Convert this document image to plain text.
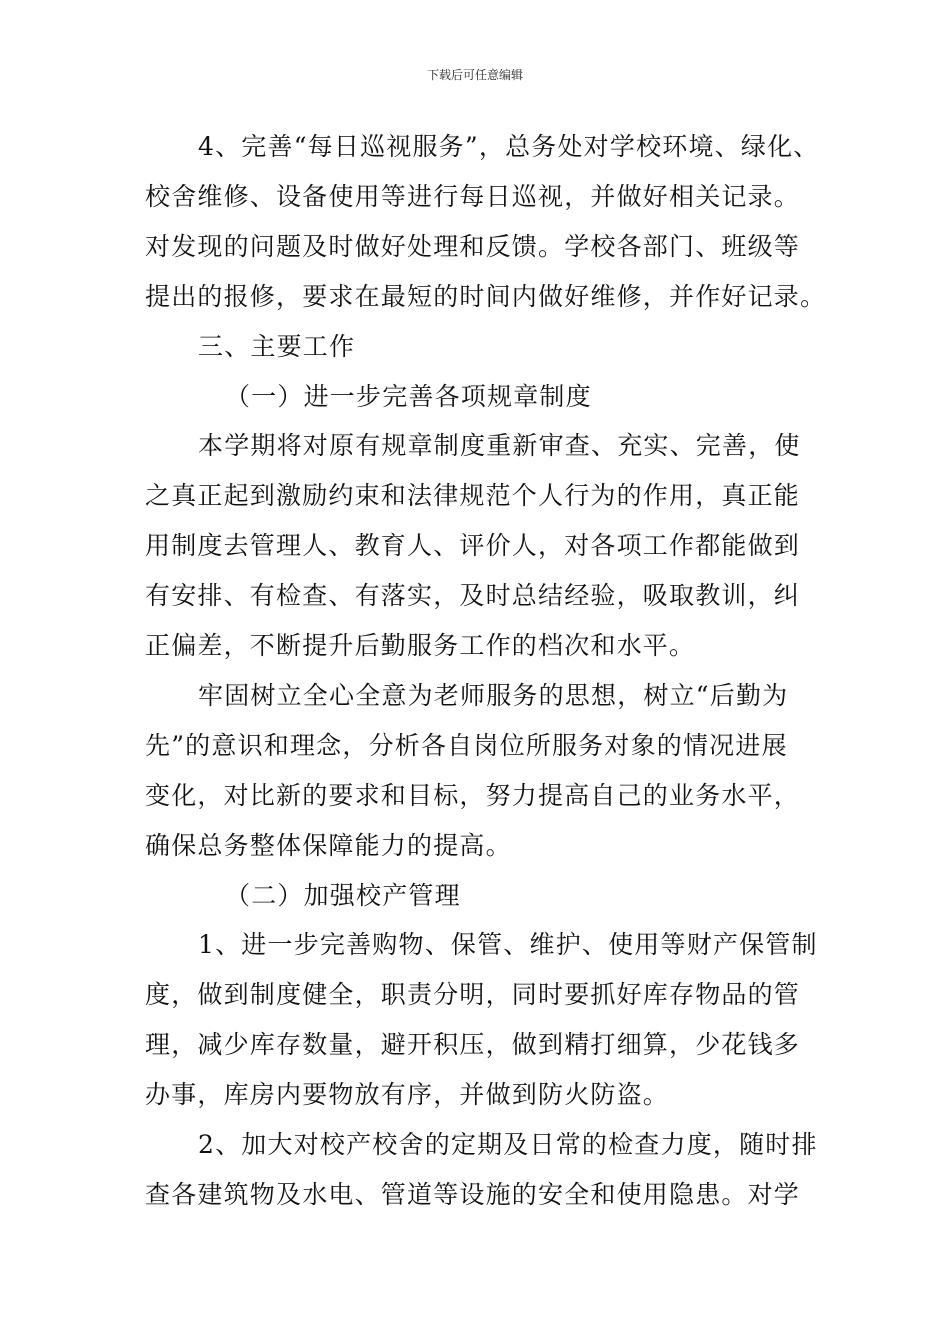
下载后可任意编辑
4、完善“每日巡视服务”，总务处对学校环境、绿化、
校舍维修、设备使用等进行每日巡视，并做好相关记录。
对发现的问题及时做好处理和反馈。学校各部门、班级等
提出的报修，要求在最短的时间内做好维修，并作好记录。
三、主要工作
（一）进一步完善各项规章制度
本学期将对原有规章制度重新审查、充实、完善，使
之真正起到激励约束和法律规范个人行为的作用，真正能
用制度去管理人、教育人、评价人，对各项工作都能做到
有安排、有检查、有落实，及时总结经验，吸取教训，纠
正偏差，不断提升后勤服务工作的档次和水平。
牢固树立全心全意为老师服务的思想，树立“后勤为
先”的意识和理念，分析各自岗位所服务对象的情况进展
变化，对比新的要求和目标，努力提高自己的业务水平，
确保总务整体保障能力的提高。
（二）加强校产管理
1、进一步完善购物、保管、维护、使用等财产保管制
度，做到制度健全，职责分明，同时要抓好库存物品的管
理，减少库存数量，避开积压，做到精打细算，少花钱多
办事，库房内要物放有序，并做到防火防盗。
2、加大对校产校舍的定期及日常的检查力度，随时排
查各建筑物及水电、管道等设施的安全和使用隐患。对学
